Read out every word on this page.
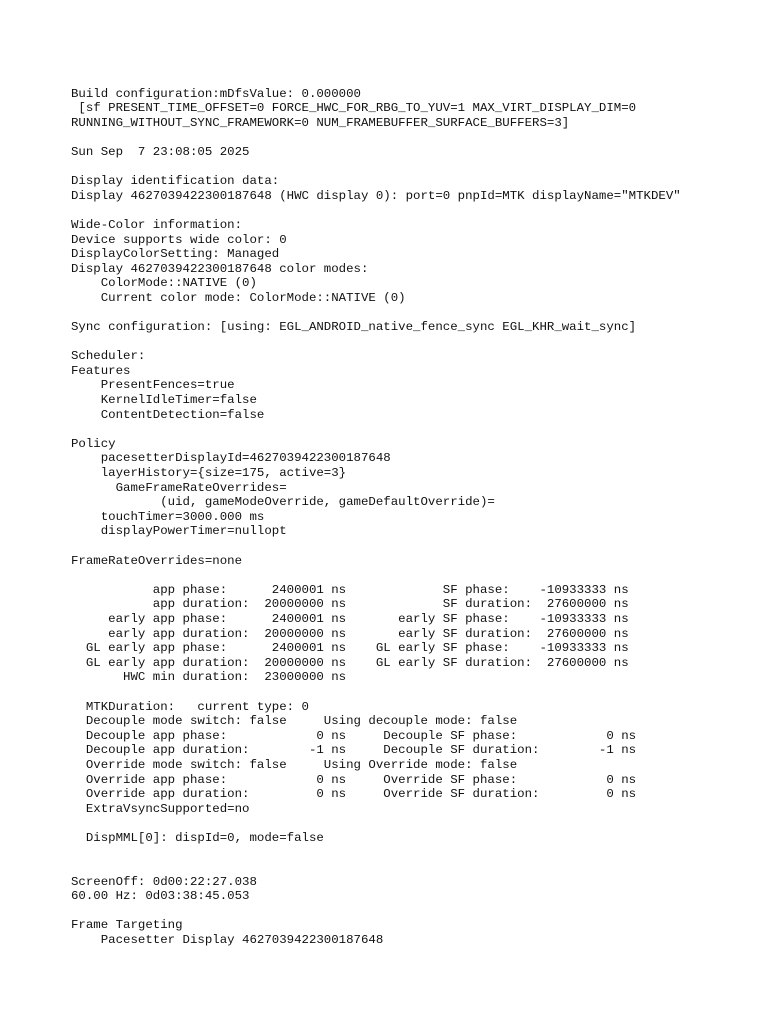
Build configuration:mDfsValue: 0.000000
[sf PRESENT_TIME_OFFSET=0 FORCE_HWC_FOR_RBG_TO_YUV=1 MAX_VIRT_DISPLAY_DIM=0
RUNNING_WITHOUT_SYNC_FRAMEWORK=0 NUM_FRAMEBUFFER_SURFACE_BUFFERS=3]
Sun Sep  7 23:08:05 2025
Display identification data:
Display 4627039422300187648 (HWC display 0): port=0 pnpId=MTK displayName="MTKDEV"
Wide-Color information:
Device supports wide color: 0
DisplayColorSetting: Managed
Display 4627039422300187648 color modes:
ColorMode::NATIVE (0)
Current color mode: ColorMode::NATIVE (0)
Sync configuration: [using: EGL_ANDROID_native_fence_sync EGL_KHR_wait_sync]
Scheduler:
Features
PresentFences=true
KernelIdleTimer=false
ContentDetection=false
Policy
pacesetterDisplayId=4627039422300187648
layerHistory={size=175, active=3}
GameFrameRateOverrides=
(uid, gameModeOverride, gameDefaultOverride)=
touchTimer=3000.000 ms
displayPowerTimer=nullopt
FrameRateOverrides=none
app phase:      2400001 ns             SF phase:    -10933333 ns
app duration:  20000000 ns             SF duration:  27600000 ns
early app phase:      2400001 ns       early SF phase:    -10933333 ns
early app duration:  20000000 ns       early SF duration:  27600000 ns
GL early app phase:      2400001 ns    GL early SF phase:    -10933333 ns
GL early app duration:  20000000 ns    GL early SF duration:  27600000 ns
HWC min duration:  23000000 ns
MTKDuration:   current type: 0
Decouple mode switch: false     Using decouple mode: false
Decouple app phase:            0 ns     Decouple SF phase:            0 ns
Decouple app duration:        -1 ns     Decouple SF duration:        -1 ns
Override mode switch: false     Using Override mode: false
Override app phase:            0 ns     Override SF phase:            0 ns
Override app duration:         0 ns     Override SF duration:         0 ns
ExtraVsyncSupported=no
DispMML[0]: dispId=0, mode=false
ScreenOff: 0d00:22:27.038
60.00 Hz: 0d03:38:45.053
Frame Targeting
Pacesetter Display 4627039422300187648
